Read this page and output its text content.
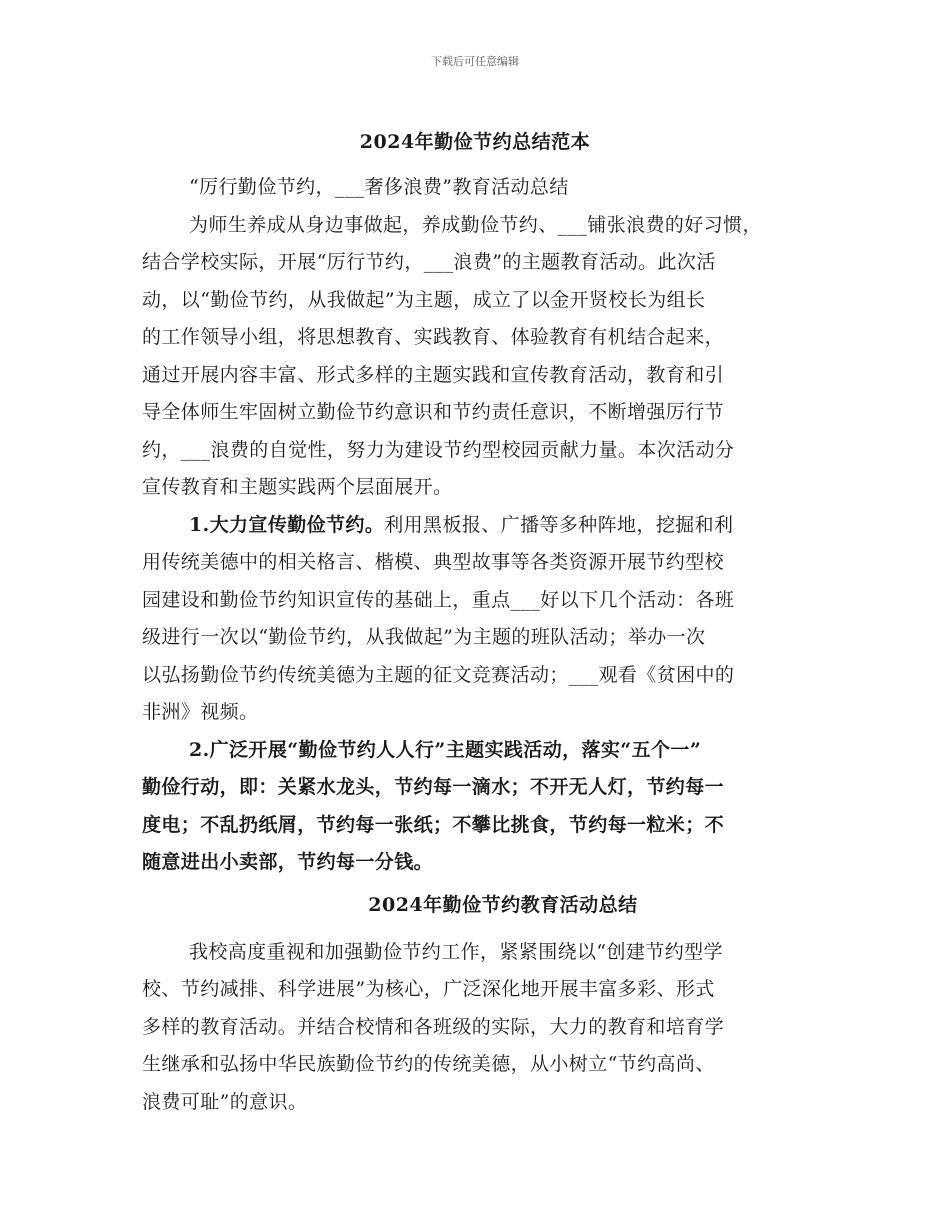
下载后可任意编辑
2024年勤俭节约总结范本
“厉行勤俭节约，___奢侈浪费”教育活动总结
为师生养成从身边事做起，养成勤俭节约、___铺张浪费的好习惯，
结合学校实际，开展“厉行节约，___浪费”的主题教育活动。此次活
动，以“勤俭节约，从我做起”为主题，成立了以金开贤校长为组长
的工作领导小组，将思想教育、实践教育、体验教育有机结合起来，
通过开展内容丰富、形式多样的主题实践和宣传教育活动，教育和引
导全体师生牢固树立勤俭节约意识和节约责任意识，不断增强厉行节
约，___浪费的自觉性，努力为建设节约型校园贡献力量。本次活动分
宣传教育和主题实践两个层面展开。
1.大力宣传勤俭节约。利用黑板报、广播等多种阵地，挖掘和利
用传统美德中的相关格言、楷模、典型故事等各类资源开展节约型校
园建设和勤俭节约知识宣传的基础上，重点___好以下几个活动：各班
级进行一次以“勤俭节约，从我做起”为主题的班队活动；举办一次
以弘扬勤俭节约传统美德为主题的征文竞赛活动；___观看《贫困中的
非洲》视频。
2.广泛开展“勤俭节约人人行”主题实践活动，落实“五个一”
勤俭行动，即：关紧水龙头，节约每一滴水；不开无人灯，节约每一
度电；不乱扔纸屑，节约每一张纸；不攀比挑食，节约每一粒米；不
随意进出小卖部，节约每一分钱。
2024年勤俭节约教育活动总结
我校高度重视和加强勤俭节约工作，紧紧围绕以“创建节约型学
校、节约减排、科学进展”为核心，广泛深化地开展丰富多彩、形式
多样的教育活动。并结合校情和各班级的实际，大力的教育和培育学
生继承和弘扬中华民族勤俭节约的传统美德，从小树立“节约高尚、
浪费可耻”的意识。
